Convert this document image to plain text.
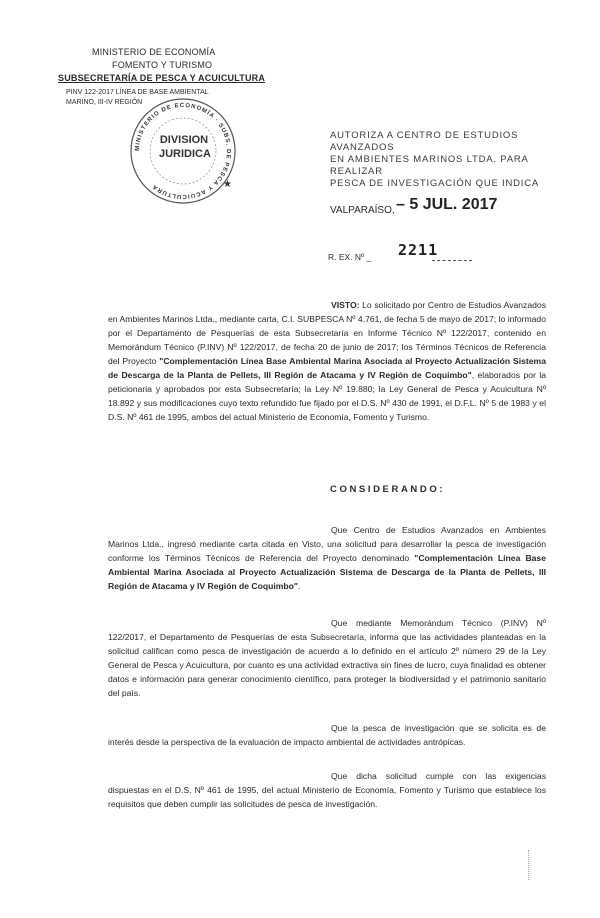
MINISTERIO DE ECONOMÍA
FOMENTO Y TURISMO
SUBSECRETARÍA DE PESCA Y ACUICULTURA
PINV 122-2017 LÍNEA DE BASE AMBIENTAL
MARINO, III-IV REGIÓN
MINISTERIO DE ECONOMÍA · SUBS. DE PESCA Y ACUICULTURA	★
DIVISION
JURIDICA
AUTORIZA A CENTRO DE ESTUDIOS AVANZADOS
EN AMBIENTES MARINOS LTDA. PARA REALIZAR
PESCA DE INVESTIGACIÓN QUE INDICA
VALPARAÍSO, – 5 JUL. 2017
R. EX. Nº _ 2211
VISTO: Lo solicitado por Centro de Estudios Avanzados en Ambientes Marinos Ltda., mediante carta, C.I. SUBPESCA Nº 4.761, de fecha 5 de mayo de 2017; lo informado por el Departamento de Pesquerías de esta Subsecretaría en Informe Técnico Nº 122/2017, contenido en Memorándum Técnico (P.INV) Nº 122/2017, de fecha 20 de junio de 2017; los Términos Técnicos de Referencia del Proyecto "Complementación Línea Base Ambiental Marina Asociada al Proyecto Actualización Sistema de Descarga de la Planta de Pellets, III Región de Atacama y IV Región de Coquimbo", elaborados por la peticionaria y aprobados por esta Subsecretaría; la Ley Nº 19.880; la Ley General de Pesca y Acuicultura Nº 18.892 y sus modificaciones cuyo texto refundido fue fijado por el D.S. Nº 430 de 1991, el D.F.L. Nº 5 de 1983 y el D.S. Nº 461 de 1995, ambos del actual Ministerio de Economía, Fomento y Turismo.
CONSIDERANDO:
Que Centro de Estudios Avanzados en Ambientes Marinos Ltda., ingresó mediante carta citada en Visto, una solicitud para desarrollar la pesca de investigación conforme los Términos Técnicos de Referencia del Proyecto denominado "Complementación Línea Base Ambiental Marina Asociada al Proyecto Actualización Sistema de Descarga de la Planta de Pellets, III Región de Atacama y IV Región de Coquimbo".
Que mediante Memorándum Técnico (P.INV) Nº 122/2017, el Departamento de Pesquerías de esta Subsecretaría, informa que las actividades planteadas en la solicitud califican como pesca de investigación de acuerdo a lo definido en el artículo 2º número 29 de la Ley General de Pesca y Acuicultura, por cuanto es una actividad extractiva sin fines de lucro, cuya finalidad es obtener datos e información para generar conocimiento científico, para proteger la biodiversidad y el patrimonio sanitario del país.
Que la pesca de investigación que se solicita es de interés desde la perspectiva de la evaluación de impacto ambiental de actividades antrópicas.
Que dicha solicitud cumple con las exigencias dispuestas en el D.S. Nº 461 de 1995, del actual Ministerio de Economía, Fomento y Turismo que establece los requisitos que deben cumplir las solicitudes de pesca de investigación.
